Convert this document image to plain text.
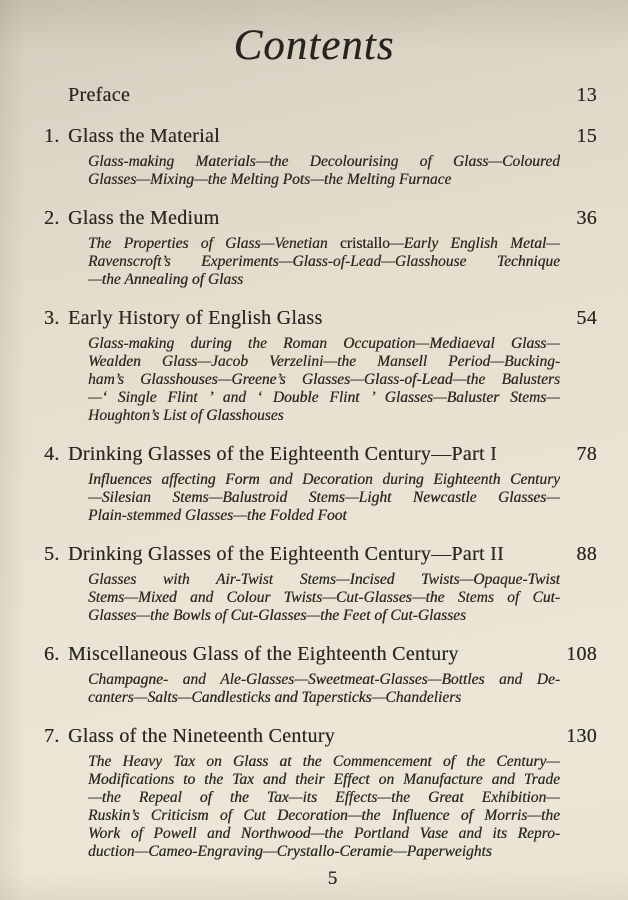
Contents
Preface	13
1. Glass the Material	15
Glass-making Materials—the Decolourising of Glass—Coloured
Glasses—Mixing—the Melting Pots—the Melting Furnace
2. Glass the Medium	36
The Properties of Glass—Venetian cristallo—Early English Metal—
Ravenscroft’s Experiments—Glass-of-Lead—Glasshouse Technique
—the Annealing of Glass
3. Early History of English Glass	54
Glass-making during the Roman Occupation—Mediaeval Glass—
Wealden Glass—Jacob Verzelini—the Mansell Period—Bucking-
ham’s Glasshouses—Greene’s Glasses—Glass-of-Lead—the Balusters
—‘ Single Flint ’ and ‘ Double Flint ’ Glasses—Baluster Stems—
Houghton’s List of Glasshouses
4. Drinking Glasses of the Eighteenth Century—Part I	78
Influences affecting Form and Decoration during Eighteenth Century
—Silesian Stems—Balustroid Stems—Light Newcastle Glasses—
Plain-stemmed Glasses—the Folded Foot
5. Drinking Glasses of the Eighteenth Century—Part II	88
Glasses with Air-Twist Stems—Incised Twists—Opaque-Twist
Stems—Mixed and Colour Twists—Cut-Glasses—the Stems of Cut-
Glasses—the Bowls of Cut-Glasses—the Feet of Cut-Glasses
6. Miscellaneous Glass of the Eighteenth Century	108
Champagne- and Ale-Glasses—Sweetmeat-Glasses—Bottles and De-
canters—Salts—Candlesticks and Tapersticks—Chandeliers
7. Glass of the Nineteenth Century	130
The Heavy Tax on Glass at the Commencement of the Century—
Modifications to the Tax and their Effect on Manufacture and Trade
—the Repeal of the Tax—its Effects—the Great Exhibition—
Ruskin’s Criticism of Cut Decoration—the Influence of Morris—the
Work of Powell and Northwood—the Portland Vase and its Repro-
duction—Cameo-Engraving—Crystallo-Ceramie—Paperweights
5
